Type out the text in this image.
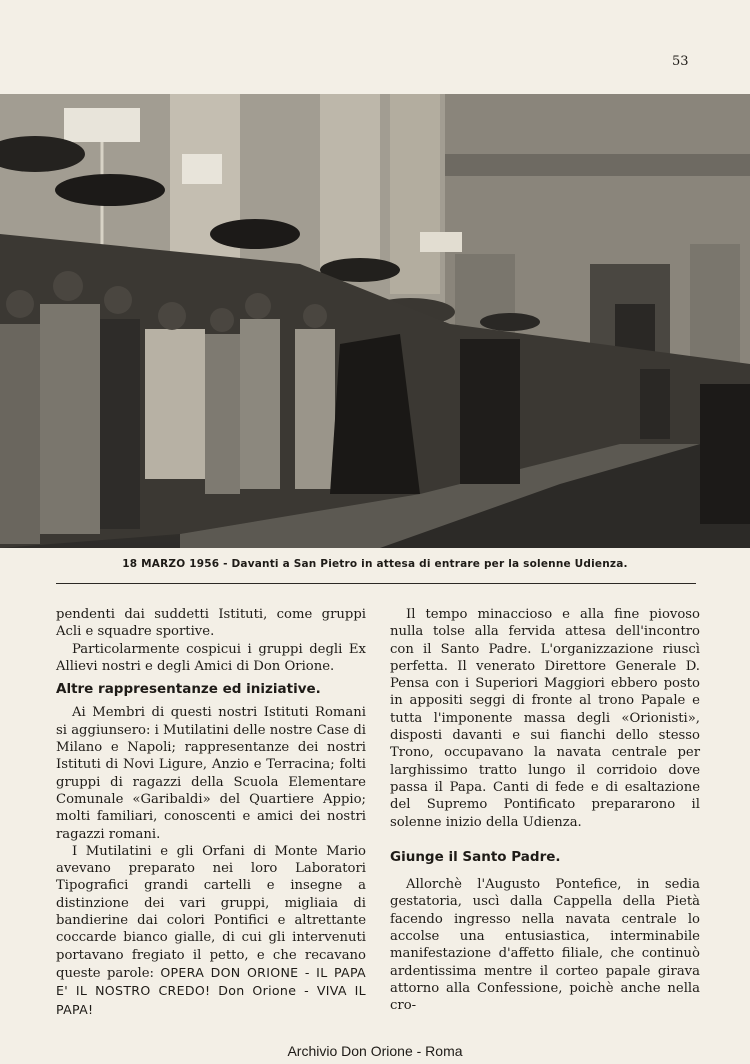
53
18 MARZO 1956 - Davanti a San Pietro in attesa di entrare per la solenne Udienza.

pendenti dai suddetti Istituti, come gruppi Acli e squadre sportive.

Particolarmente cospicui i gruppi degli Ex Allievi nostri e degli Amici di Don Orione.

Altre rappresentanze ed iniziative.

Ai Membri di questi nostri Istituti Romani si aggiunsero: i Mutilatini delle nostre Case di Milano e Napoli; rappresentanze dei nostri Istituti di Novi Ligure, Anzio e Terracina; folti gruppi di ragazzi della Scuola Elementare Comunale «Garibaldi» del Quartiere Appio; molti familiari, conoscenti e amici dei nostri ragazzi romani.

I Mutilatini e gli Orfani di Monte Mario avevano preparato nei loro Laboratori Tipografici grandi cartelli e insegne a distinzione dei vari gruppi, migliaia di bandierine dai colori Pontifici e altrettante coccarde bianco gialle, di cui gli intervenuti portavano fregiato il petto, e che recavano queste parole: OPERA DON ORIONE - IL PAPA E' IL NOSTRO CREDO! Don Orione - VIVA IL PAPA!

Il tempo minaccioso e alla fine piovoso nulla tolse alla fervida attesa dell'incontro con il Santo Padre. L'organizzazione riuscì perfetta. Il venerato Direttore Generale D. Pensa con i Superiori Maggiori ebbero posto in appositi seggi di fronte al trono Papale e tutta l'imponente massa degli «Orionisti», disposti davanti e sui fianchi dello stesso Trono, occupavano la navata centrale per larghissimo tratto lungo il corridoio dove passa il Papa. Canti di fede e di esaltazione del Supremo Pontificato prepararono il solenne inizio della Udienza.

Giunge il Santo Padre.

Allorchè l'Augusto Pontefice, in sedia gestatoria, uscì dalla Cappella della Pietà facendo ingresso nella navata centrale lo accolse una entusiastica, interminabile manifestazione d'affetto filiale, che continuò ardentissima mentre il corteo papale girava attorno alla Confessione, poichè anche nella cro-

Archivio Don Orione - Roma
